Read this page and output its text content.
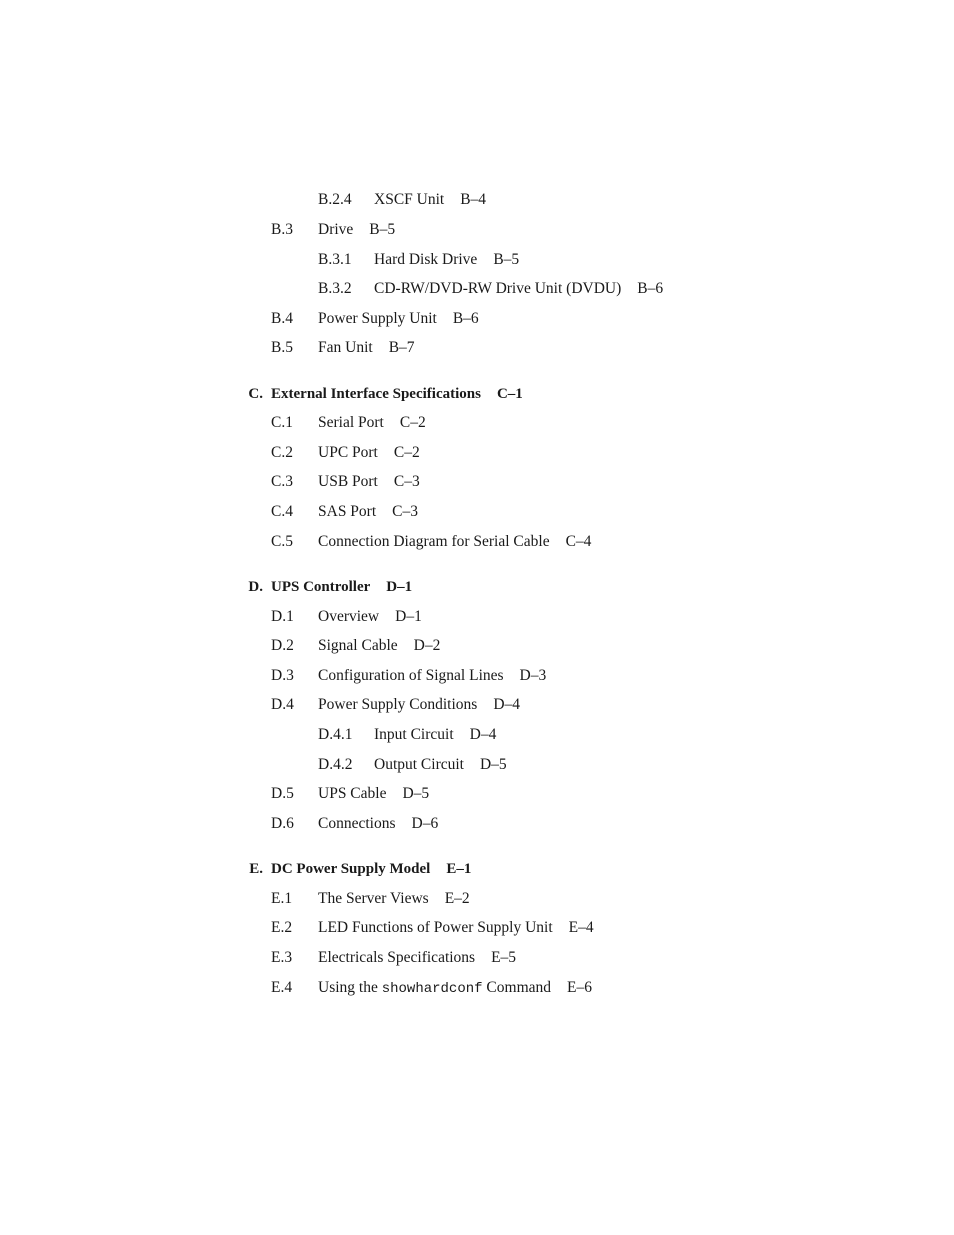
B.2.4 XSCF Unit B–4
B.3 Drive B–5
B.3.1 Hard Disk Drive B–5
B.3.2 CD-RW/DVD-RW Drive Unit (DVDU) B–6
B.4 Power Supply Unit B–6
B.5 Fan Unit B–7
C. External Interface Specifications C–1
C.1 Serial Port C–2
C.2 UPC Port C–2
C.3 USB Port C–3
C.4 SAS Port C–3
C.5 Connection Diagram for Serial Cable C–4
D. UPS Controller D–1
D.1 Overview D–1
D.2 Signal Cable D–2
D.3 Configuration of Signal Lines D–3
D.4 Power Supply Conditions D–4
D.4.1 Input Circuit D–4
D.4.2 Output Circuit D–5
D.5 UPS Cable D–5
D.6 Connections D–6
E. DC Power Supply Model E–1
E.1 The Server Views E–2
E.2 LED Functions of Power Supply Unit E–4
E.3 Electricals Specifications E–5
E.4 Using the showhardconf Command E–6
